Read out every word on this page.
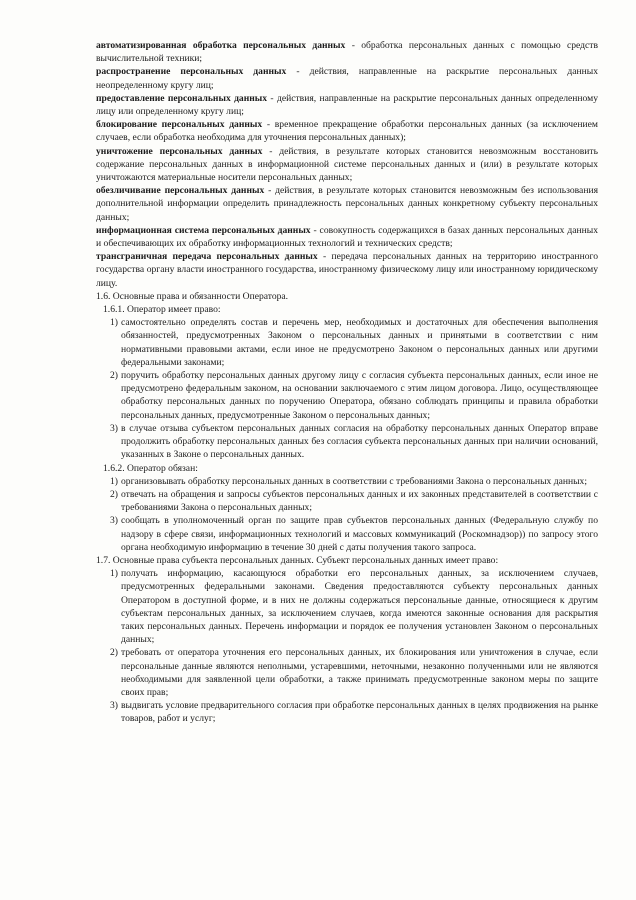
автоматизированная обработка персональных данных - обработка персональных данных с помощью средств вычислительной техники;

распространение персональных данных - действия, направленные на раскрытие персональных данных неопределенному кругу лиц;

предоставление персональных данных - действия, направленные на раскрытие персональных данных определенному лицу или определенному кругу лиц;

блокирование персональных данных - временное прекращение обработки персональных данных (за исключением случаев, если обработка необходима для уточнения персональных данных);

уничтожение персональных данных - действия, в результате которых становится невозможным восстановить содержание персональных данных в информационной системе персональных данных и (или) в результате которых уничтожаются материальные носители персональных данных;

обезличивание персональных данных - действия, в результате которых становится невозможным без использования дополнительной информации определить принадлежность персональных данных конкретному субъекту персональных данных;

информационная система персональных данных - совокупность содержащихся в базах данных персональных данных и обеспечивающих их обработку информационных технологий и технических средств;

трансграничная передача персональных данных - передача персональных данных на территорию иностранного государства органу власти иностранного государства, иностранному физическому лицу или иностранному юридическому лицу.

1.6. Основные права и обязанности Оператора.

1.6.1. Оператор имеет право:

1) самостоятельно определять состав и перечень мер, необходимых и достаточных для обеспечения выполнения обязанностей, предусмотренных Законом о персональных данных и принятыми в соответствии с ним нормативными правовыми актами, если иное не предусмотрено Законом о персональных данных или другими федеральными законами;
2) поручить обработку персональных данных другому лицу с согласия субъекта персональных данных, если иное не предусмотрено федеральным законом, на основании заключаемого с этим лицом договора. Лицо, осуществляющее обработку персональных данных по поручению Оператора, обязано соблюдать принципы и правила обработки персональных данных, предусмотренные Законом о персональных данных;
3) в случае отзыва субъектом персональных данных согласия на обработку персональных данных Оператор вправе продолжить обработку персональных данных без согласия субъекта персональных данных при наличии оснований, указанных в Законе о персональных данных.

1.6.2. Оператор обязан:

1) организовывать обработку персональных данных в соответствии с требованиями Закона о персональных данных;
2) отвечать на обращения и запросы субъектов персональных данных и их законных представителей в соответствии с требованиями Закона о персональных данных;
3) сообщать в уполномоченный орган по защите прав субъектов персональных данных (Федеральную службу по надзору в сфере связи, информационных технологий и массовых коммуникаций (Роскомнадзор)) по запросу этого органа необходимую информацию в течение 30 дней с даты получения такого запроса.

1.7. Основные права субъекта персональных данных. Субъект персональных данных имеет право:

1) получать информацию, касающуюся обработки его персональных данных, за исключением случаев, предусмотренных федеральными законами. Сведения предоставляются субъекту персональных данных Оператором в доступной форме, и в них не должны содержаться персональные данные, относящиеся к другим субъектам персональных данных, за исключением случаев, когда имеются законные основания для раскрытия таких персональных данных. Перечень информации и порядок ее получения установлен Законом о персональных данных;
2) требовать от оператора уточнения его персональных данных, их блокирования или уничтожения в случае, если персональные данные являются неполными, устаревшими, неточными, незаконно полученными или не являются необходимыми для заявленной цели обработки, а также принимать предусмотренные законом меры по защите своих прав;
3) выдвигать условие предварительного согласия при обработке персональных данных в целях продвижения на рынке товаров, работ и услуг;
